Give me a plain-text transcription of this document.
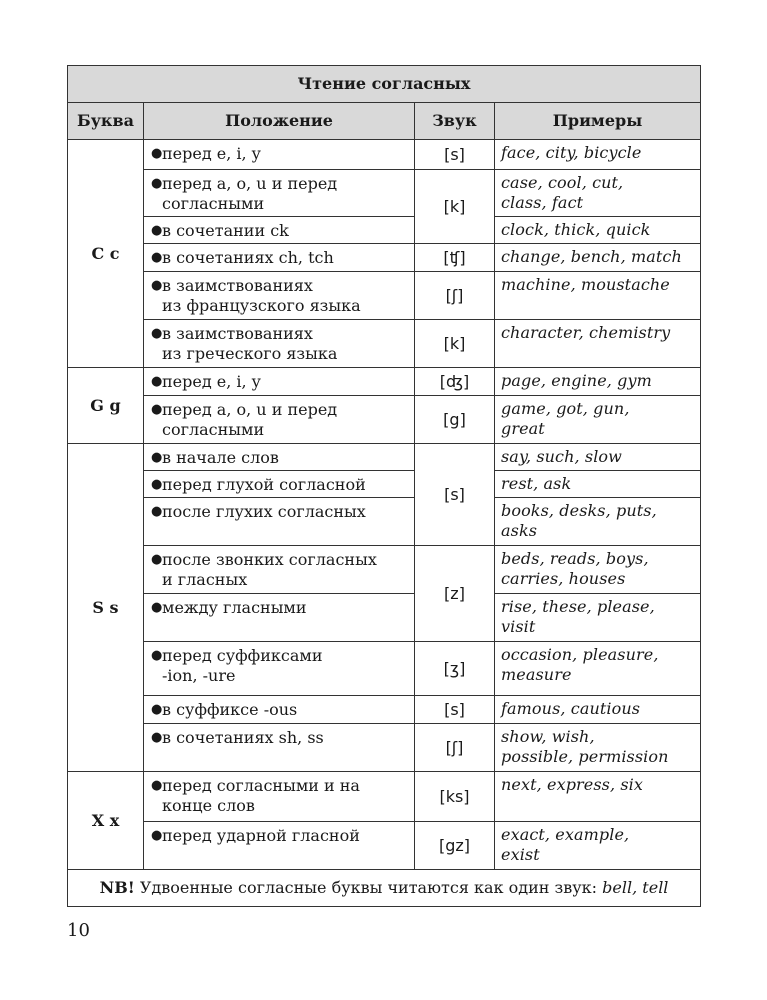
Чтение согласных			
Буква	Положение	Звук	Примеры
C c	● перед e, i, y	[s]	face, city, bicycle

	● перед a, o, u и перед
согласными	[k]	case, cool, cut,
class, fact

	● в сочетании ck		clock, thick, quick

	● в сочетаниях ch, tch	[ʧ]	change, bench, match

	● в заимствованиях
из французского языка	[ʃ]	machine, moustache

	● в заимствованиях
из греческого языка	[k]	character, chemistry
G g	● перед e, i, y	[ʤ]	page, engine, gym

	● перед a, o, u и перед
согласными	[g]	game, got, gun,
great
S s	● в начале слов	[s]	say, such, slow

	● перед глухой согласной		rest, ask

	● после глухих согласных		books, desks, puts,
asks

	● после звонких согласных
и гласных	[z]	beds, reads, boys,
carries, houses

	● между гласными		rise, these, please,
visit

	● перед суффиксами
-ion, -ure	[ʒ]	occasion, pleasure,
measure

	● в суффиксе -ous	[s]	famous, cautious

	● в сочетаниях sh, ss	[ʃ]	show, wish,
possible, permission
X x	● перед согласными и на
конце слов	[ks]	next, express, six

	● перед ударной гласной	[gz]	exact, example,
exist
NB! Удвоенные согласные буквы читаются как один звук: bell, tell			
10
